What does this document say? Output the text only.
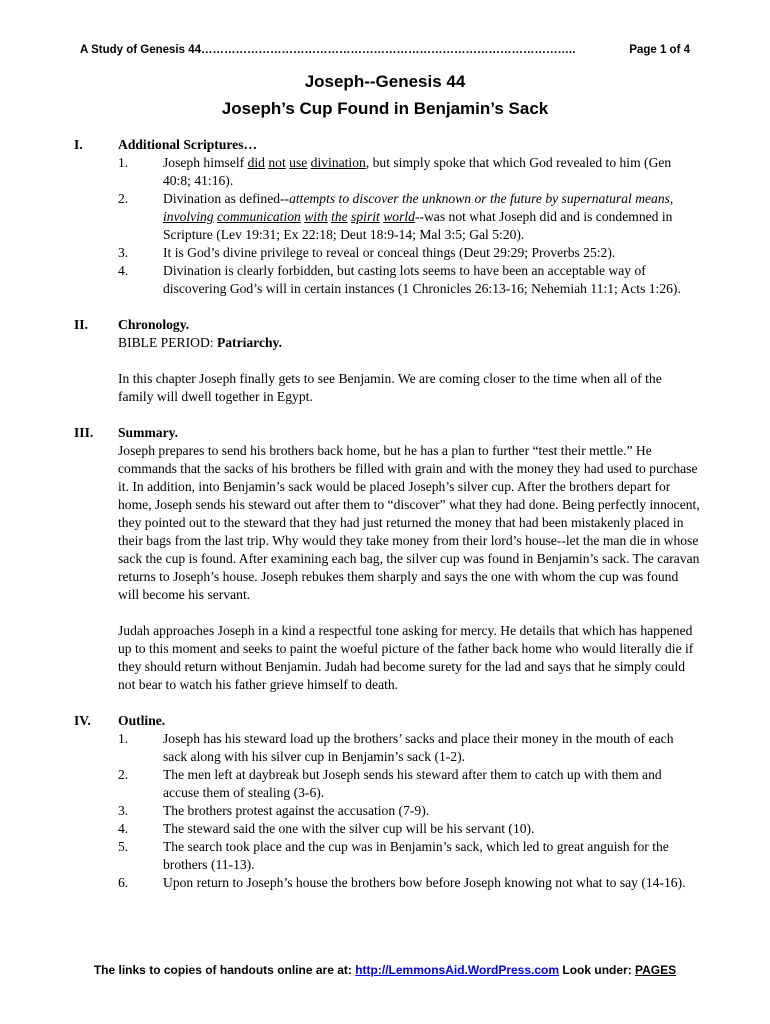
A Study of Genesis 44 ……………………………………………………………………………………..	Page 1 of 4
Joseph--Genesis 44
Joseph’s Cup Found in Benjamin’s Sack
I.	Additional Scriptures…
1.	Joseph himself did not use divination, but simply spoke that which God revealed to him (Gen 40:8; 41:16).
2.	Divination as defined--attempts to discover the unknown or the future by supernatural means, involving communication with the spirit world--was not what Joseph did and is condemned in Scripture (Lev 19:31; Ex 22:18; Deut 18:9-14; Mal 3:5; Gal 5:20).
3.	It is God’s divine privilege to reveal or conceal things (Deut 29:29; Proverbs 25:2).
4.	Divination is clearly forbidden, but casting lots seems to have been an acceptable way of discovering God’s will in certain instances (1 Chronicles 26:13-16; Nehemiah 11:1; Acts 1:26).
II. Chronology.
BIBLE PERIOD: Patriarchy.

In this chapter Joseph finally gets to see Benjamin. We are coming closer to the time when all of the family will dwell together in Egypt.

III. Summary.

Joseph prepares to send his brothers back home, but he has a plan to further “test their mettle.” He commands that the sacks of his brothers be filled with grain and with the money they had used to purchase it. In addition, into Benjamin’s sack would be placed Joseph’s silver cup. After the brothers depart for home, Joseph sends his steward out after them to “discover” what they had done. Being perfectly innocent, they pointed out to the steward that they had just returned the money that had been mistakenly placed in their bags from the last trip. Why would they take money from their lord’s house--let the man die in whose sack the cup is found. After examining each bag, the silver cup was found in Benjamin’s sack. The caravan returns to Joseph’s house. Joseph rebukes them sharply and says the one with whom the cup was found will become his servant.

Judah approaches Joseph in a kind a respectful tone asking for mercy. He details that which has happened up to this moment and seeks to paint the woeful picture of the father back home who would literally die if they should return without Benjamin. Judah had become surety for the lad and says that he simply could not bear to watch his father grieve himself to death.

IV. Outline.
1.	Joseph has his steward load up the brothers’ sacks and place their money in the mouth of each sack along with his silver cup in Benjamin’s sack (1-2).
2.	The men left at daybreak but Joseph sends his steward after them to catch up with them and accuse them of stealing (3-6).
3.	The brothers protest against the accusation (7-9).
4.	The steward said the one with the silver cup will be his servant (10).
5.	The search took place and the cup was in Benjamin’s sack, which led to great anguish for the brothers (11-13).
6.	Upon return to Joseph’s house the brothers bow before Joseph knowing not what to say (14-16).
The links to copies of handouts online are at: http://LemmonsAid.WordPress.com Look under: PAGES
